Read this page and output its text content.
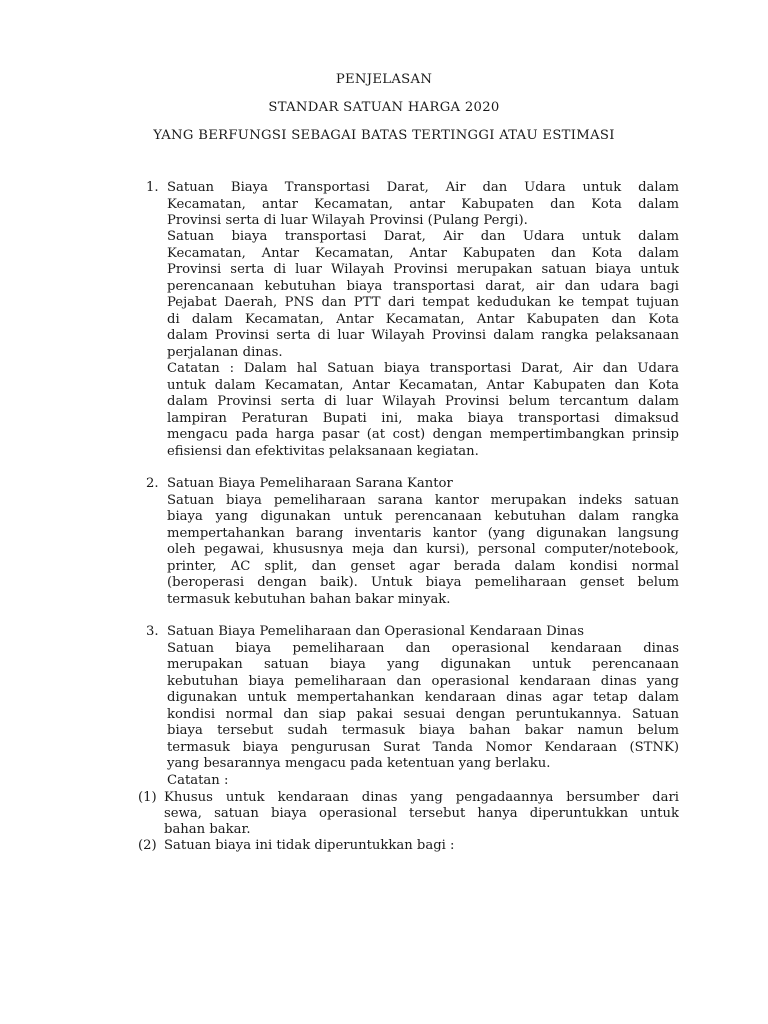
PENJELASAN
STANDAR SATUAN HARGA 2020
YANG BERFUNGSI SEBAGAI BATAS TERTINGGI ATAU ESTIMASI
1. Satuan Biaya Transportasi Darat, Air dan Udara untuk dalam
Kecamatan, antar Kecamatan, antar Kabupaten dan Kota dalam
Provinsi serta di luar Wilayah Provinsi (Pulang Pergi).
Satuan biaya transportasi Darat, Air dan Udara untuk dalam
Kecamatan, Antar Kecamatan, Antar Kabupaten dan Kota dalam
Provinsi serta di luar Wilayah Provinsi merupakan satuan biaya untuk
perencanaan kebutuhan biaya transportasi darat, air dan udara bagi
Pejabat Daerah, PNS dan PTT dari tempat kedudukan ke tempat tujuan
di dalam Kecamatan, Antar Kecamatan, Antar Kabupaten dan Kota
dalam Provinsi serta di luar Wilayah Provinsi dalam rangka pelaksanaan
perjalanan dinas.
Catatan : Dalam hal Satuan biaya transportasi Darat, Air dan Udara
untuk dalam Kecamatan, Antar Kecamatan, Antar Kabupaten dan Kota
dalam Provinsi serta di luar Wilayah Provinsi belum tercantum dalam
lampiran Peraturan Bupati ini, maka biaya transportasi dimaksud
mengacu pada harga pasar (at cost) dengan mempertimbangkan prinsip
efisiensi dan efektivitas pelaksanaan kegiatan.
2. Satuan Biaya Pemeliharaan Sarana Kantor
Satuan biaya pemeliharaan sarana kantor merupakan indeks satuan
biaya yang digunakan untuk perencanaan kebutuhan dalam rangka
mempertahankan barang inventaris kantor (yang digunakan langsung
oleh pegawai, khususnya meja dan kursi), personal computer/notebook,
printer, AC split, dan genset agar berada dalam kondisi normal
(beroperasi dengan baik). Untuk biaya pemeliharaan genset belum
termasuk kebutuhan bahan bakar minyak.
3. Satuan Biaya Pemeliharaan dan Operasional Kendaraan Dinas
Satuan biaya pemeliharaan dan operasional kendaraan dinas
merupakan satuan biaya yang digunakan untuk perencanaan
kebutuhan biaya pemeliharaan dan operasional kendaraan dinas yang
digunakan untuk mempertahankan kendaraan dinas agar tetap dalam
kondisi normal dan siap pakai sesuai dengan peruntukannya. Satuan
biaya tersebut sudah termasuk biaya bahan bakar namun belum
termasuk biaya pengurusan Surat Tanda Nomor Kendaraan (STNK)
yang besarannya mengacu pada ketentuan yang berlaku.
Catatan :
(1) Khusus untuk kendaraan dinas yang pengadaannya bersumber dari
sewa, satuan biaya operasional tersebut hanya diperuntukkan untuk
bahan bakar.
(2) Satuan biaya ini tidak diperuntukkan bagi :
